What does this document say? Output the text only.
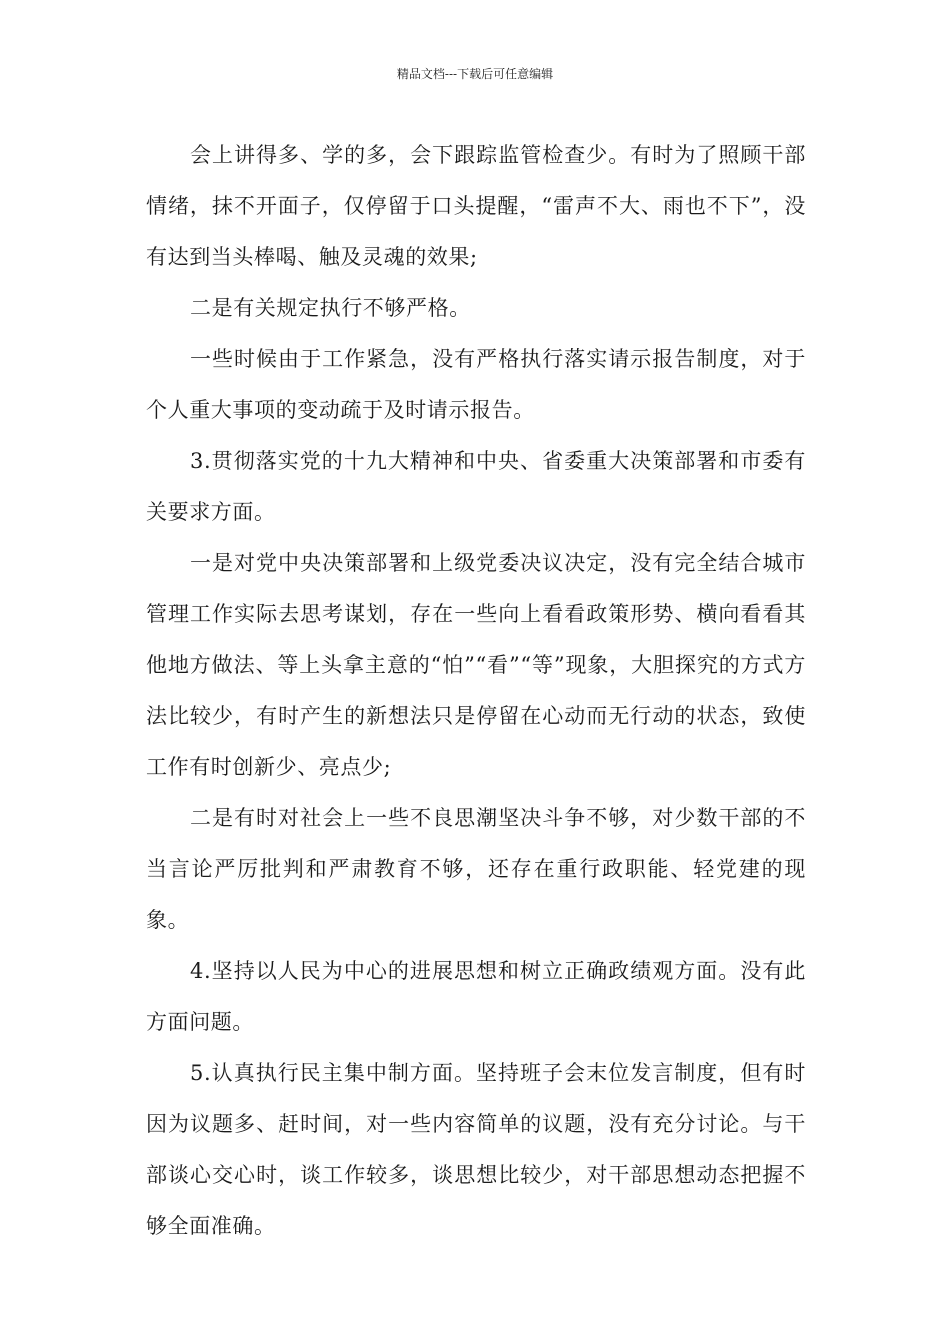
精品文档---下载后可任意编辑

会上讲得多、学的多，会下跟踪监管检查少。有时为了照顾干部情绪，抹不开面子，仅停留于口头提醒，“雷声不大、雨也不下”，没有达到当头棒喝、触及灵魂的效果;

二是有关规定执行不够严格。

一些时候由于工作紧急，没有严格执行落实请示报告制度，对于个人重大事项的变动疏于及时请示报告。

3.贯彻落实党的十九大精神和中央、省委重大决策部署和市委有关要求方面。

一是对党中央决策部署和上级党委决议决定，没有完全结合城市管理工作实际去思考谋划，存在一些向上看看政策形势、横向看看其他地方做法、等上头拿主意的“怕”“看”“等”现象，大胆探究的方式方法比较少，有时产生的新想法只是停留在心动而无行动的状态，致使工作有时创新少、亮点少;

二是有时对社会上一些不良思潮坚决斗争不够，对少数干部的不当言论严厉批判和严肃教育不够，还存在重行政职能、轻党建的现象。

4.坚持以人民为中心的进展思想和树立正确政绩观方面。没有此方面问题。

5.认真执行民主集中制方面。坚持班子会末位发言制度，但有时因为议题多、赶时间，对一些内容简单的议题，没有充分讨论。与干部谈心交心时，谈工作较多，谈思想比较少，对干部思想动态把握不够全面准确。
